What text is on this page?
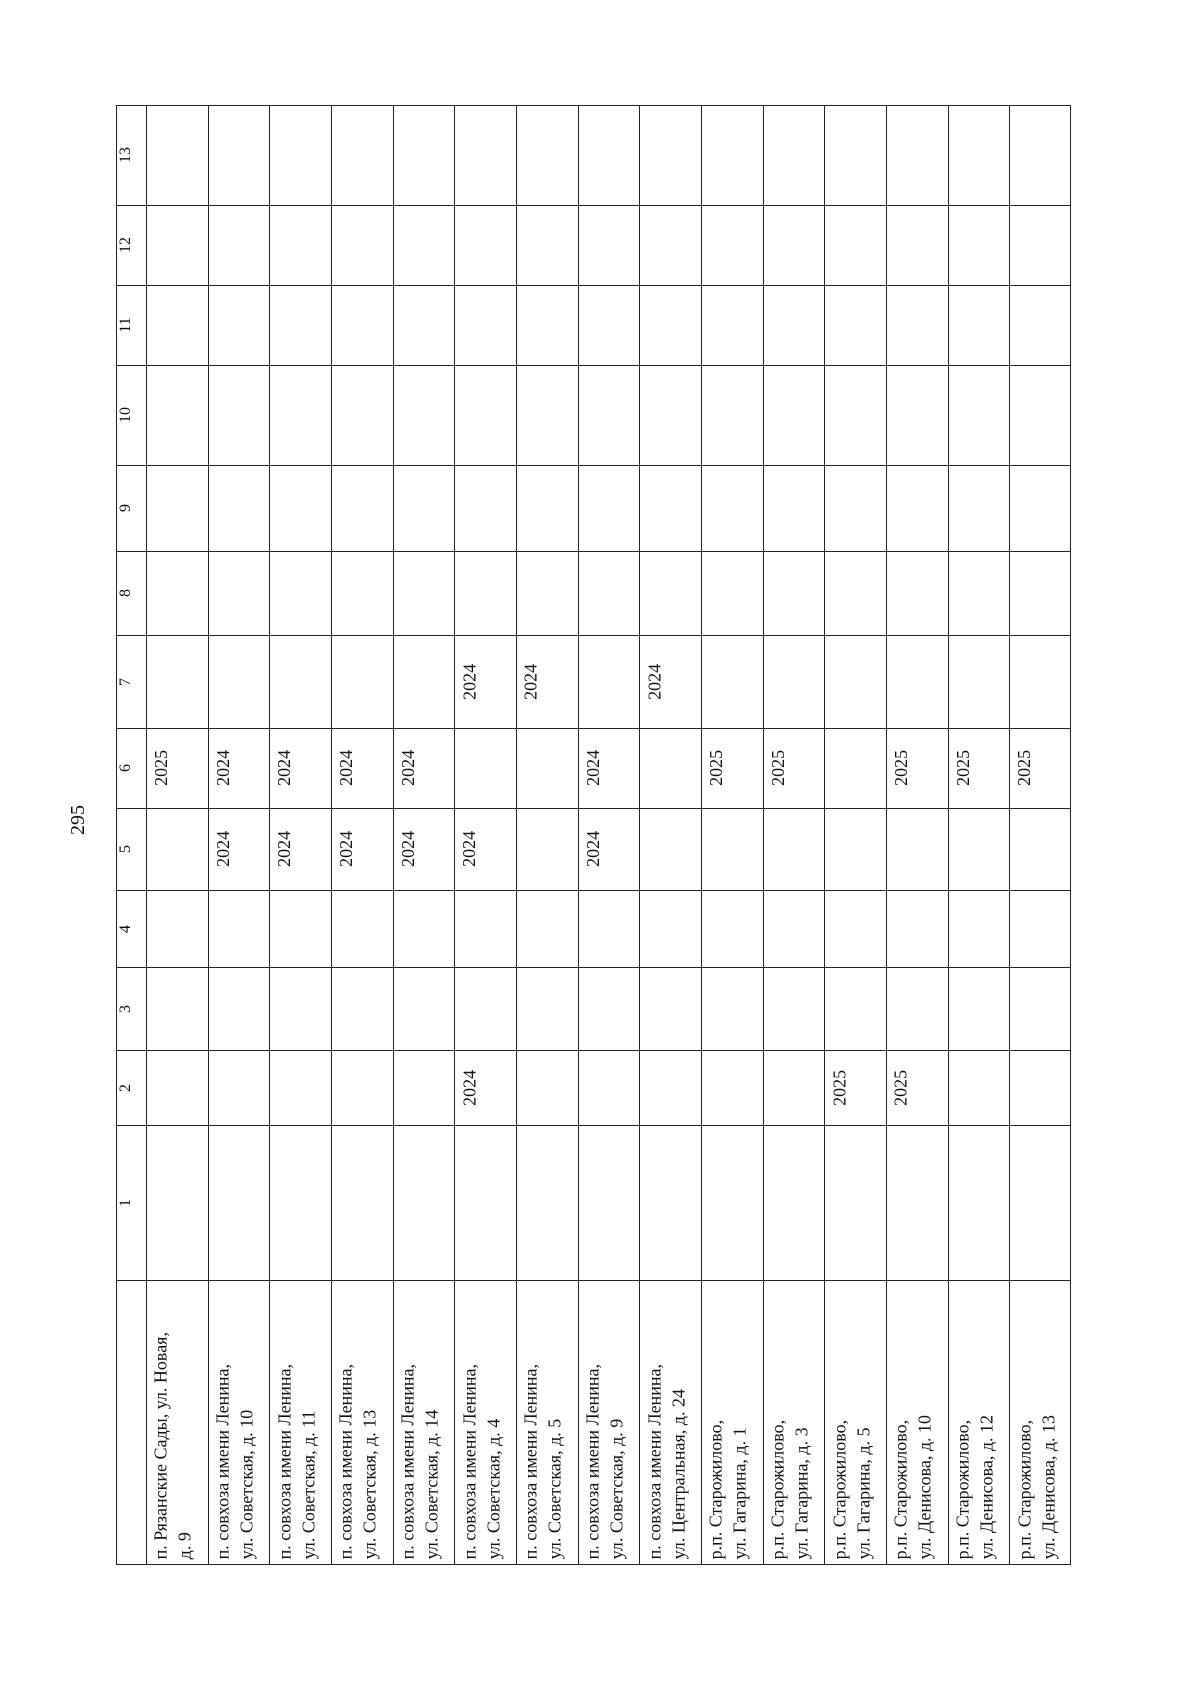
295
13
12
11
10
9
8
7
6
5
4
3
2
1
п. Рязанские Сады, ул. Новая,
д. 9
2025
п. совхоза имени Ленина,
ул. Советская, д. 10
2024
2024
п. совхоза имени Ленина,
ул. Советская, д. 11
2024
2024
п. совхоза имени Ленина,
ул. Советская, д. 13
2024
2024
п. совхоза имени Ленина,
ул. Советская, д. 14
2024
2024
п. совхоза имени Ленина,
ул. Советская, д. 4
2024
2024
2024
п. совхоза имени Ленина,
ул. Советская, д. 5
2024
п. совхоза имени Ленина,
ул. Советская, д. 9
2024
2024
п. совхоза имени Ленина,
ул. Центральная, д. 24
2024
р.п. Старожилово,
ул. Гагарина, д. 1
2025
р.п. Старожилово,
ул. Гагарина, д. 3
2025
р.п. Старожилово,
ул. Гагарина, д. 5
2025
р.п. Старожилово,
ул. Денисова, д. 10
2025
2025
р.п. Старожилово,
ул. Денисова, д. 12
2025
р.п. Старожилово,
ул. Денисова, д. 13
2025
